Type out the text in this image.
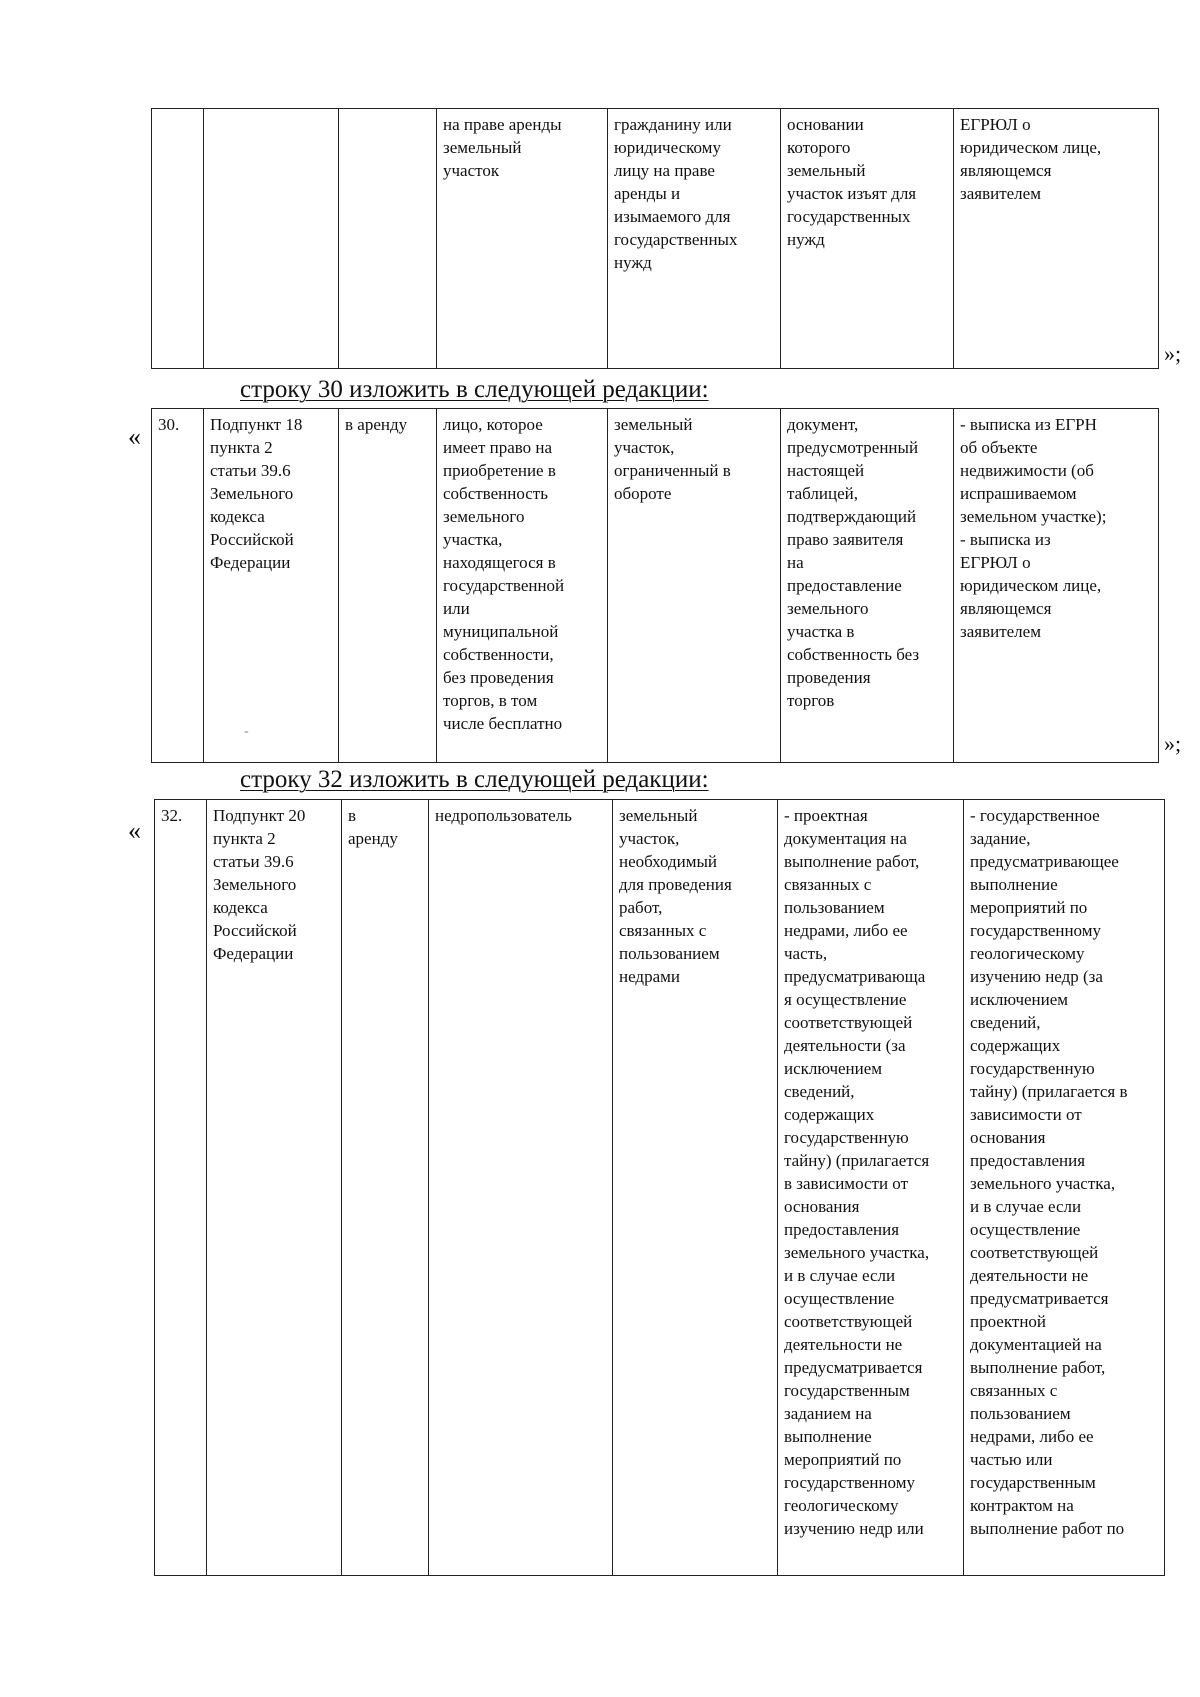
			на праве аренды
земельный
участок	гражданину или
юридическому
лицу на праве
аренды и
изымаемого для
государственных
нужд	основании
которого
земельный
участок изъят для
государственных
нужд	ЕГРЮЛ о
юридическом лице,
являющемся
заявителем
»;
строку 30 изложить в следующей редакции:
« 30.	Подпункт 18
пункта 2
статьи 39.6
Земельного
кодекса
Российской
Федерации	в аренду	лицо, которое
имеет право на
приобретение в
собственность
земельного
участка,
находящегося в
государственной
или
муниципальной
собственности,
без проведения
торгов, в том
числе бесплатно	земельный
участок,
ограниченный в
обороте	документ,
предусмотренный
настоящей
таблицей,
подтверждающий
право заявителя
на
предоставление
земельного
участка в
собственность без
проведения
торгов	- выписка из ЕГРН
об объекте
недвижимости (об
испрашиваемом
земельном участке);
- выписка из
ЕГРЮЛ о
юридическом лице,
являющемся
заявителем
-	»;
строку 32 изложить в следующей редакции:
«
32.	Подпункт 20
пункта 2
статьи 39.6
Земельного
кодекса
Российской
Федерации	в
аренду	недропользователь	земельный
участок,
необходимый
для проведения
работ,
связанных с
пользованием
недрами	- проектная
документация на
выполнение работ,
связанных с
пользованием
недрами, либо ее
часть,
предусматривающа
я осуществление
соответствующей
деятельности (за
исключением
сведений,
содержащих
государственную
тайну) (прилагается
в зависимости от
основания
предоставления
земельного участка,
и в случае если
осуществление
соответствующей
деятельности не
предусматривается
государственным
заданием на
выполнение
мероприятий по
государственному
геологическому
изучению недр или	- государственное
задание,
предусматривающее
выполнение
мероприятий по
государственному
геологическому
изучению недр (за
исключением
сведений,
содержащих
государственную
тайну) (прилагается в
зависимости от
основания
предоставления
земельного участка,
и в случае если
осуществление
соответствующей
деятельности не
предусматривается
проектной
документацией на
выполнение работ,
связанных с
пользованием
недрами, либо ее
частью или
государственным
контрактом на
выполнение работ по
